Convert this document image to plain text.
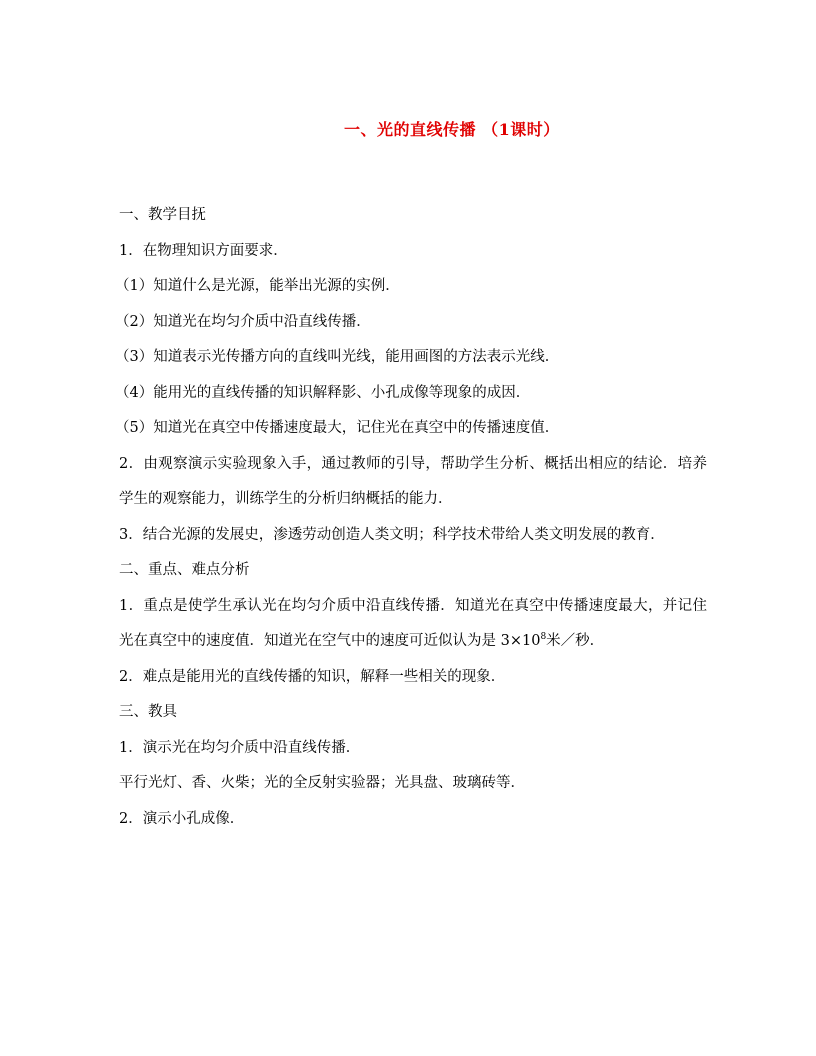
一、光的直线传播 （1课时）

一、教学目抚

1．在物理知识方面要求．

（1）知道什么是光源，能举出光源的实例．

（2）知道光在均匀介质中沿直线传播．

（3）知道表示光传播方向的直线叫光线，能用画图的方法表示光线．

（4）能用光的直线传播的知识解释影、小孔成像等现象的成因．

（5）知道光在真空中传播速度最大，记住光在真空中的传播速度值．

2．由观察演示实验现象入手，通过教师的引导，帮助学生分析、概括出相应的结论．培养学生的观察能力，训练学生的分析归纳概括的能力．

3．结合光源的发展史，渗透劳动创造人类文明；科学技术带给人类文明发展的教育．

二、重点、难点分析

1．重点是使学生承认光在均匀介质中沿直线传播．知道光在真空中传播速度最大，并记住光在真空中的速度值．知道光在空气中的速度可近似认为是 $3\times 10^8$米／秒．

2．难点是能用光的直线传播的知识，解释一些相关的现象．

三、教具

1．演示光在均匀介质中沿直线传播．

平行光灯、香、火柴；光的全反射实验器；光具盘、玻璃砖等．

2．演示小孔成像．
